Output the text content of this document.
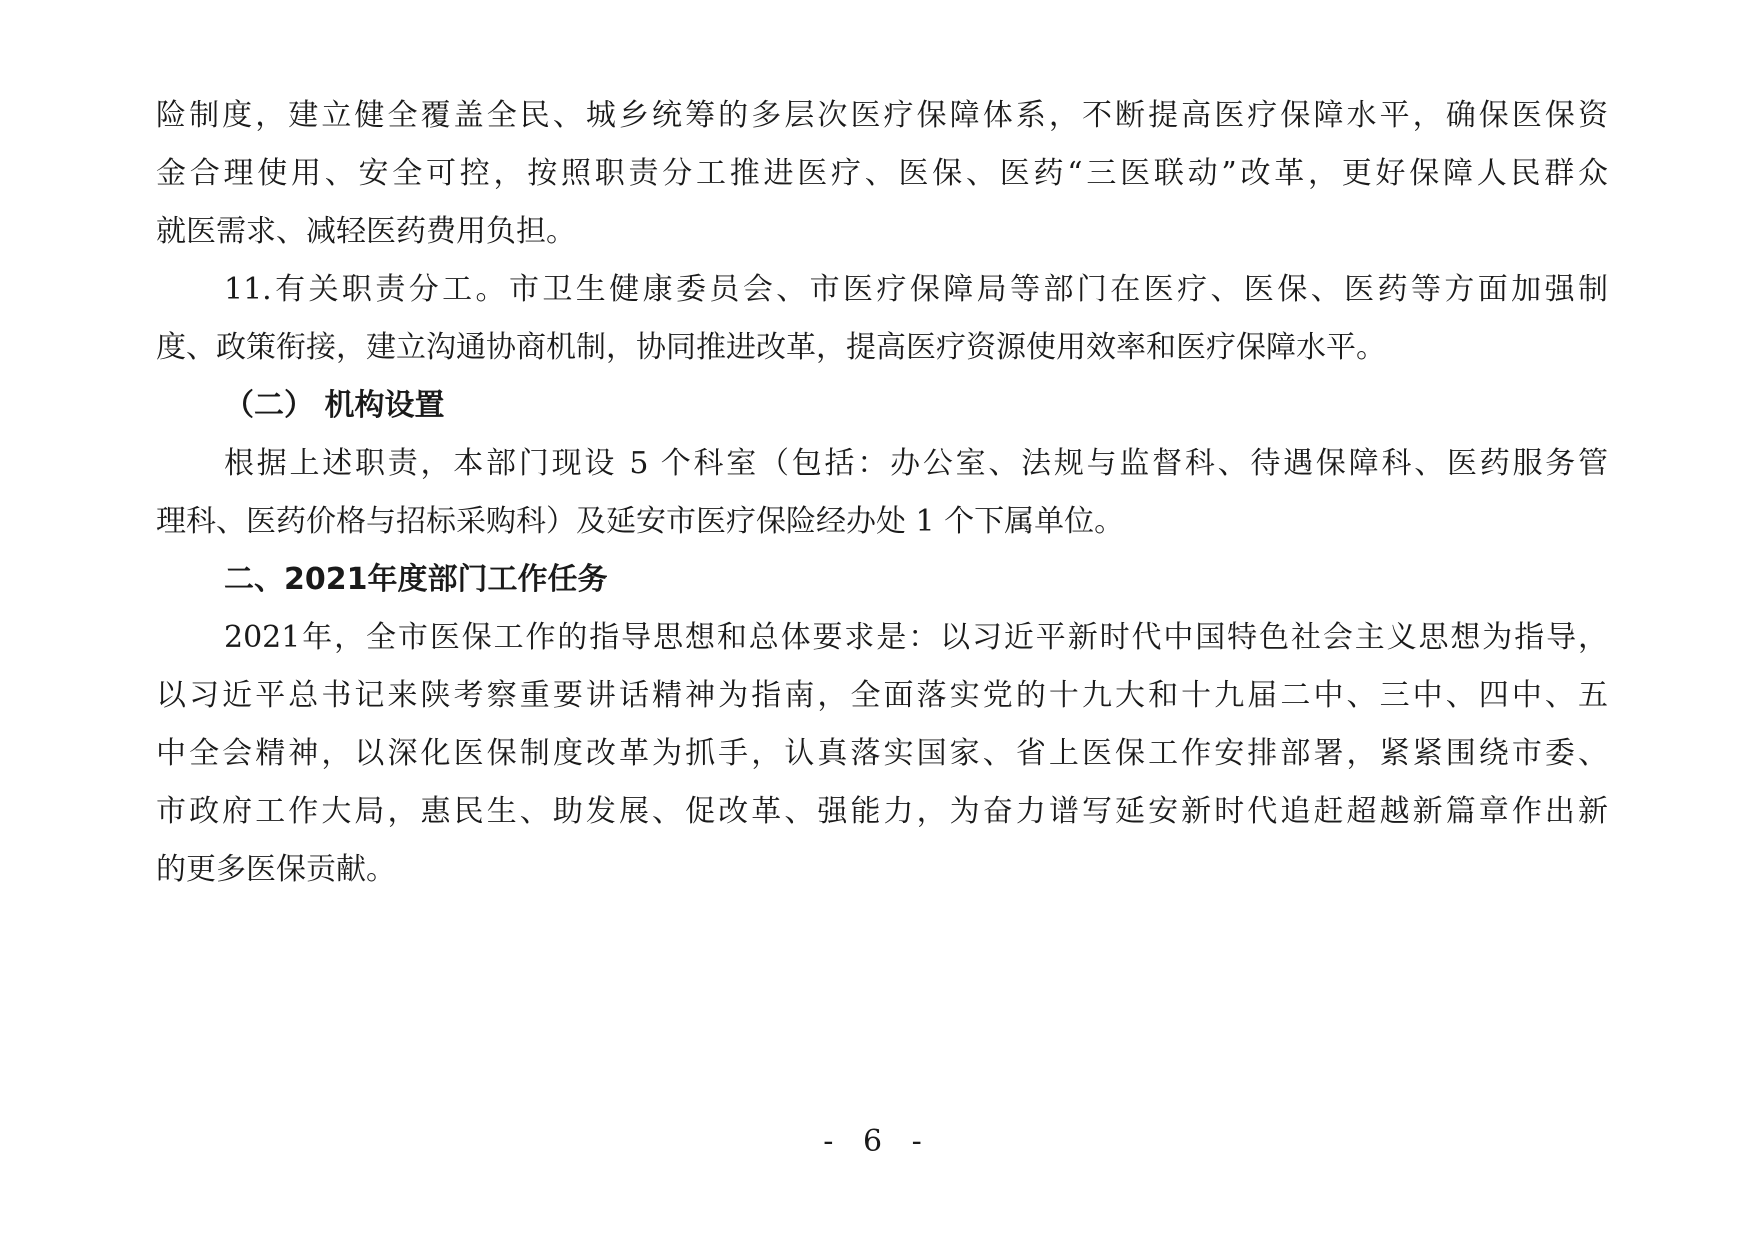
险制度，建立健全覆盖全民、城乡统筹的多层次医疗保障体系，不断提高医疗保障水平，确保医保资

金合理使用、安全可控，按照职责分工推进医疗、医保、医药“三医联动”改革，更好保障人民群众

就医需求、减轻医药费用负担。

11.有关职责分工。市卫生健康委员会、市医疗保障局等部门在医疗、医保、医药等方面加强制

度、政策衔接，建立沟通协商机制，协同推进改革，提高医疗资源使用效率和医疗保障水平。

（二） 机构设置

根据上述职责，本部门现设 5 个科室（包括：办公室、法规与监督科、待遇保障科、医药服务管

理科、医药价格与招标采购科）及延安市医疗保险经办处 1 个下属单位。

二、2021年度部门工作任务

2021年，全市医保工作的指导思想和总体要求是：以习近平新时代中国特色社会主义思想为指导，

以习近平总书记来陕考察重要讲话精神为指南，全面落实党的十九大和十九届二中、三中、四中、五

中全会精神，以深化医保制度改革为抓手，认真落实国家、省上医保工作安排部署，紧紧围绕市委、

市政府工作大局，惠民生、助发展、促改革、强能力，为奋力谱写延安新时代追赶超越新篇章作出新

的更多医保贡献。

- 6 -
